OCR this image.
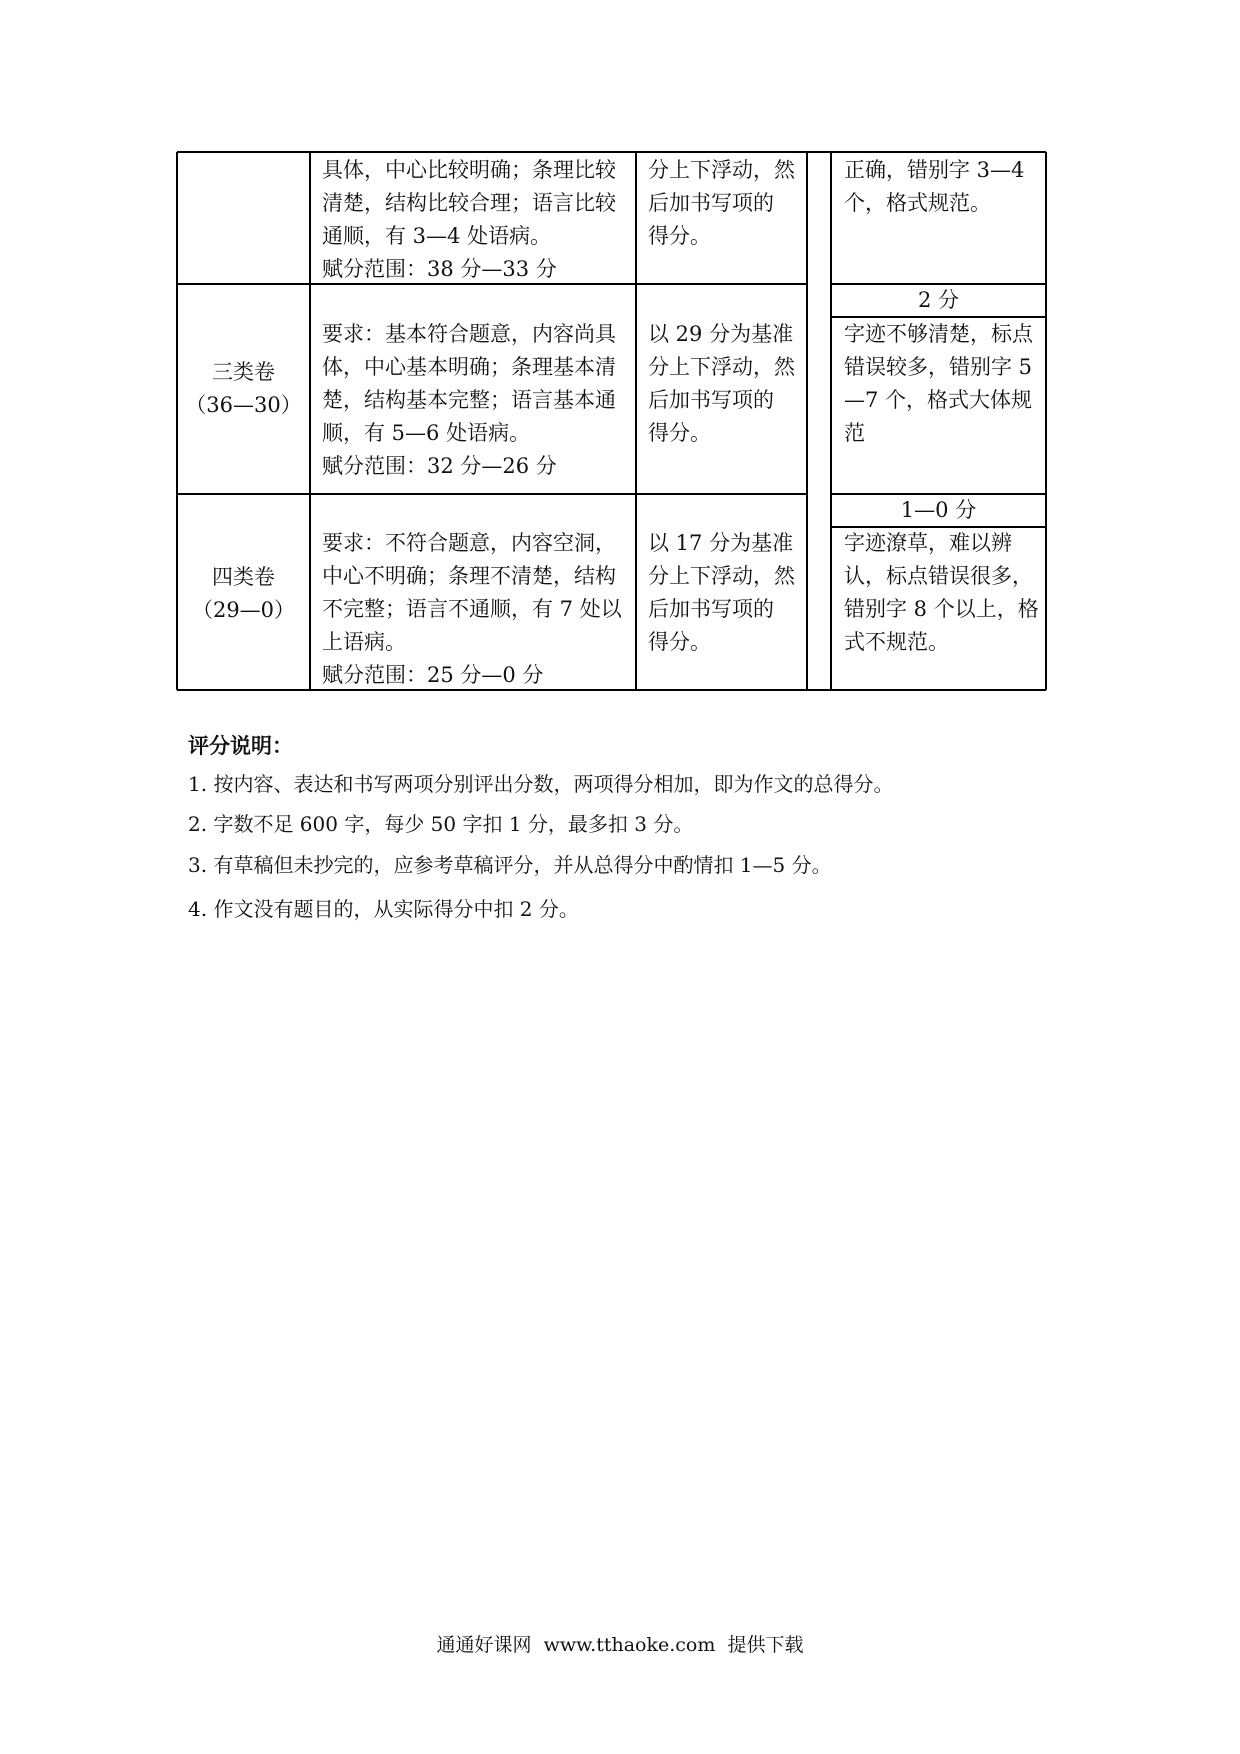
具体，中心比较明确；条理比较
清楚，结构比较合理；语言比较
通顺，有 3—4 处语病。
赋分范围：38 分—33 分
分上下浮动，然
后加书写项的
得分。
正确，错别字 3—4
个，格式规范。
三类卷
（36—30）
要求：基本符合题意，内容尚具
体，中心基本明确；条理基本清
楚，结构基本完整；语言基本通
顺，有 5—6 处语病。
赋分范围：32 分—26 分
以 29 分为基准
分上下浮动，然
后加书写项的
得分。
2 分
字迹不够清楚，标点
错误较多，错别字 5
—7 个，格式大体规
范
四类卷
（29—0）
要求：不符合题意，内容空洞，
中心不明确；条理不清楚，结构
不完整；语言不通顺，有 7 处以
上语病。
赋分范围：25 分—0 分
以 17 分为基准
分上下浮动，然
后加书写项的
得分。
1—0 分
字迹潦草，难以辨
认，标点错误很多，
错别字 8 个以上，格
式不规范。
评分说明：
1. 按内容、表达和书写两项分别评出分数，两项得分相加，即为作文的总得分。
2. 字数不足 600 字，每少 50 字扣 1 分，最多扣 3 分。
3. 有草稿但未抄完的，应参考草稿评分，并从总得分中酌情扣 1—5 分。
4. 作文没有题目的，从实际得分中扣 2 分。
通通好课网  www.tthaoke.com  提供下载
